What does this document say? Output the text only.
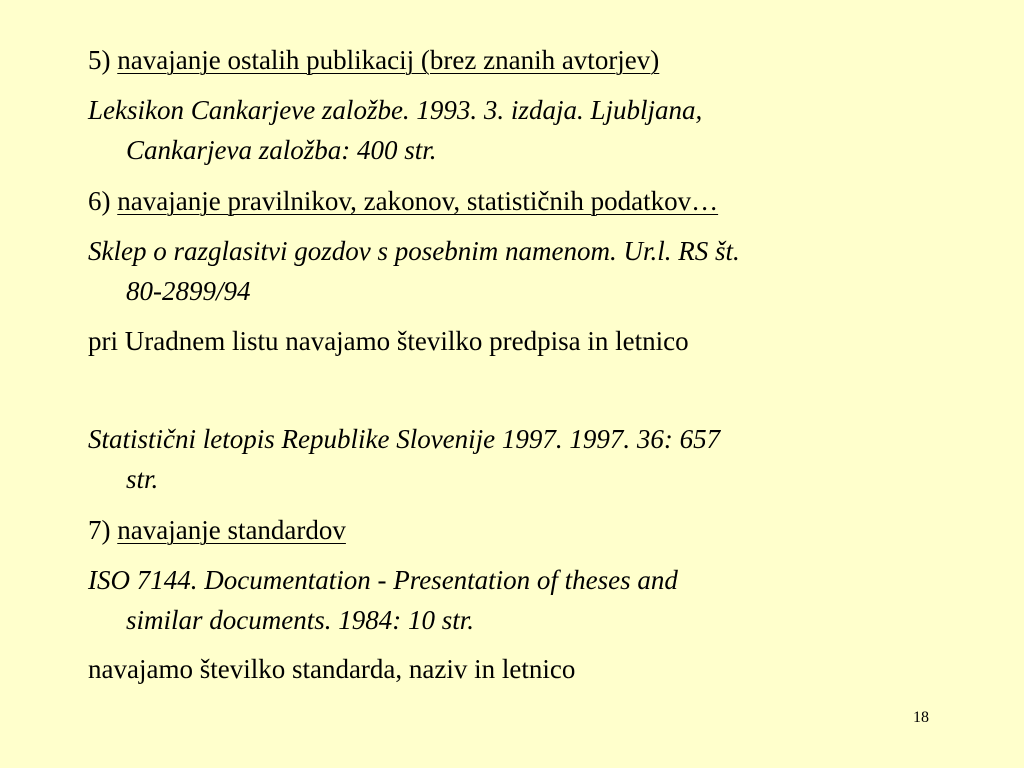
5) navajanje ostalih publikacij (brez znanih avtorjev)
Leksikon Cankarjeve založbe. 1993. 3. izdaja. Ljubljana,
Cankarjeva založba: 400 str.
6) navajanje pravilnikov, zakonov, statističnih podatkov…
Sklep o razglasitvi gozdov s posebnim namenom. Ur.l. RS št.
80-2899/94
pri Uradnem listu navajamo številko predpisa in letnico
Statistični letopis Republike Slovenije 1997. 1997. 36: 657
str.
7) navajanje standardov
ISO 7144. Documentation - Presentation of theses and
similar documents. 1984: 10 str.
navajamo številko standarda, naziv in letnico
18
